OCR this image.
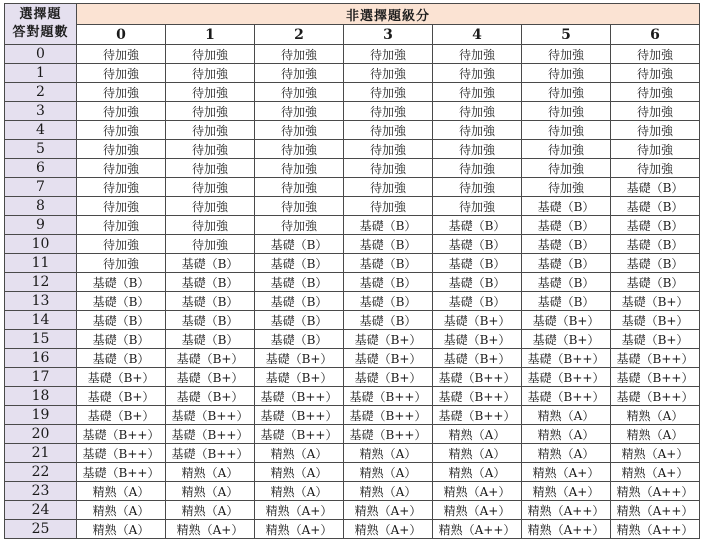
選擇題
答對題數	非選擇題級分						
	0	1	2	3	4	5	6
0	待加強	待加強	待加強	待加強	待加強	待加強	待加強
1	待加強	待加強	待加強	待加強	待加強	待加強	待加強
2	待加強	待加強	待加強	待加強	待加強	待加強	待加強
3	待加強	待加強	待加強	待加強	待加強	待加強	待加強
4	待加強	待加強	待加強	待加強	待加強	待加強	待加強
5	待加強	待加強	待加強	待加強	待加強	待加強	待加強
6	待加強	待加強	待加強	待加強	待加強	待加強	待加強
7	待加強	待加強	待加強	待加強	待加強	待加強	基礎（B）
8	待加強	待加強	待加強	待加強	待加強	基礎（B）	基礎（B）
9	待加強	待加強	待加強	基礎（B）	基礎（B）	基礎（B）	基礎（B）
10	待加強	待加強	基礎（B）	基礎（B）	基礎（B）	基礎（B）	基礎（B）
11	待加強	基礎（B）	基礎（B）	基礎（B）	基礎（B）	基礎（B）	基礎（B）
12	基礎（B）	基礎（B）	基礎（B）	基礎（B）	基礎（B）	基礎（B）	基礎（B）
13	基礎（B）	基礎（B）	基礎（B）	基礎（B）	基礎（B）	基礎（B）	基礎（B+）
14	基礎（B）	基礎（B）	基礎（B）	基礎（B）	基礎（B+）	基礎（B+）	基礎（B+）
15	基礎（B）	基礎（B）	基礎（B）	基礎（B+）	基礎（B+）	基礎（B+）	基礎（B+）
16	基礎（B）	基礎（B+）	基礎（B+）	基礎（B+）	基礎（B+）	基礎（B++）	基礎（B++）
17	基礎（B+）	基礎（B+）	基礎（B+）	基礎（B+）	基礎（B++）	基礎（B++）	基礎（B++）
18	基礎（B+）	基礎（B+）	基礎（B++）	基礎（B++）	基礎（B++）	基礎（B++）	基礎（B++）
19	基礎（B+）	基礎（B++）	基礎（B++）	基礎（B++）	基礎（B++）	精熟（A）	精熟（A）
20	基礎（B++）	基礎（B++）	基礎（B++）	基礎（B++）	精熟（A）	精熟（A）	精熟（A）
21	基礎（B++）	基礎（B++）	精熟（A）	精熟（A）	精熟（A）	精熟（A）	精熟（A+）
22	基礎（B++）	精熟（A）	精熟（A）	精熟（A）	精熟（A）	精熟（A+）	精熟（A+）
23	精熟（A）	精熟（A）	精熟（A）	精熟（A）	精熟（A+）	精熟（A+）	精熟（A++）
24	精熟（A）	精熟（A）	精熟（A+）	精熟（A+）	精熟（A+）	精熟（A++）	精熟（A++）
25	精熟（A）	精熟（A+）	精熟（A+）	精熟（A+）	精熟（A++）	精熟（A++）	精熟（A++）
